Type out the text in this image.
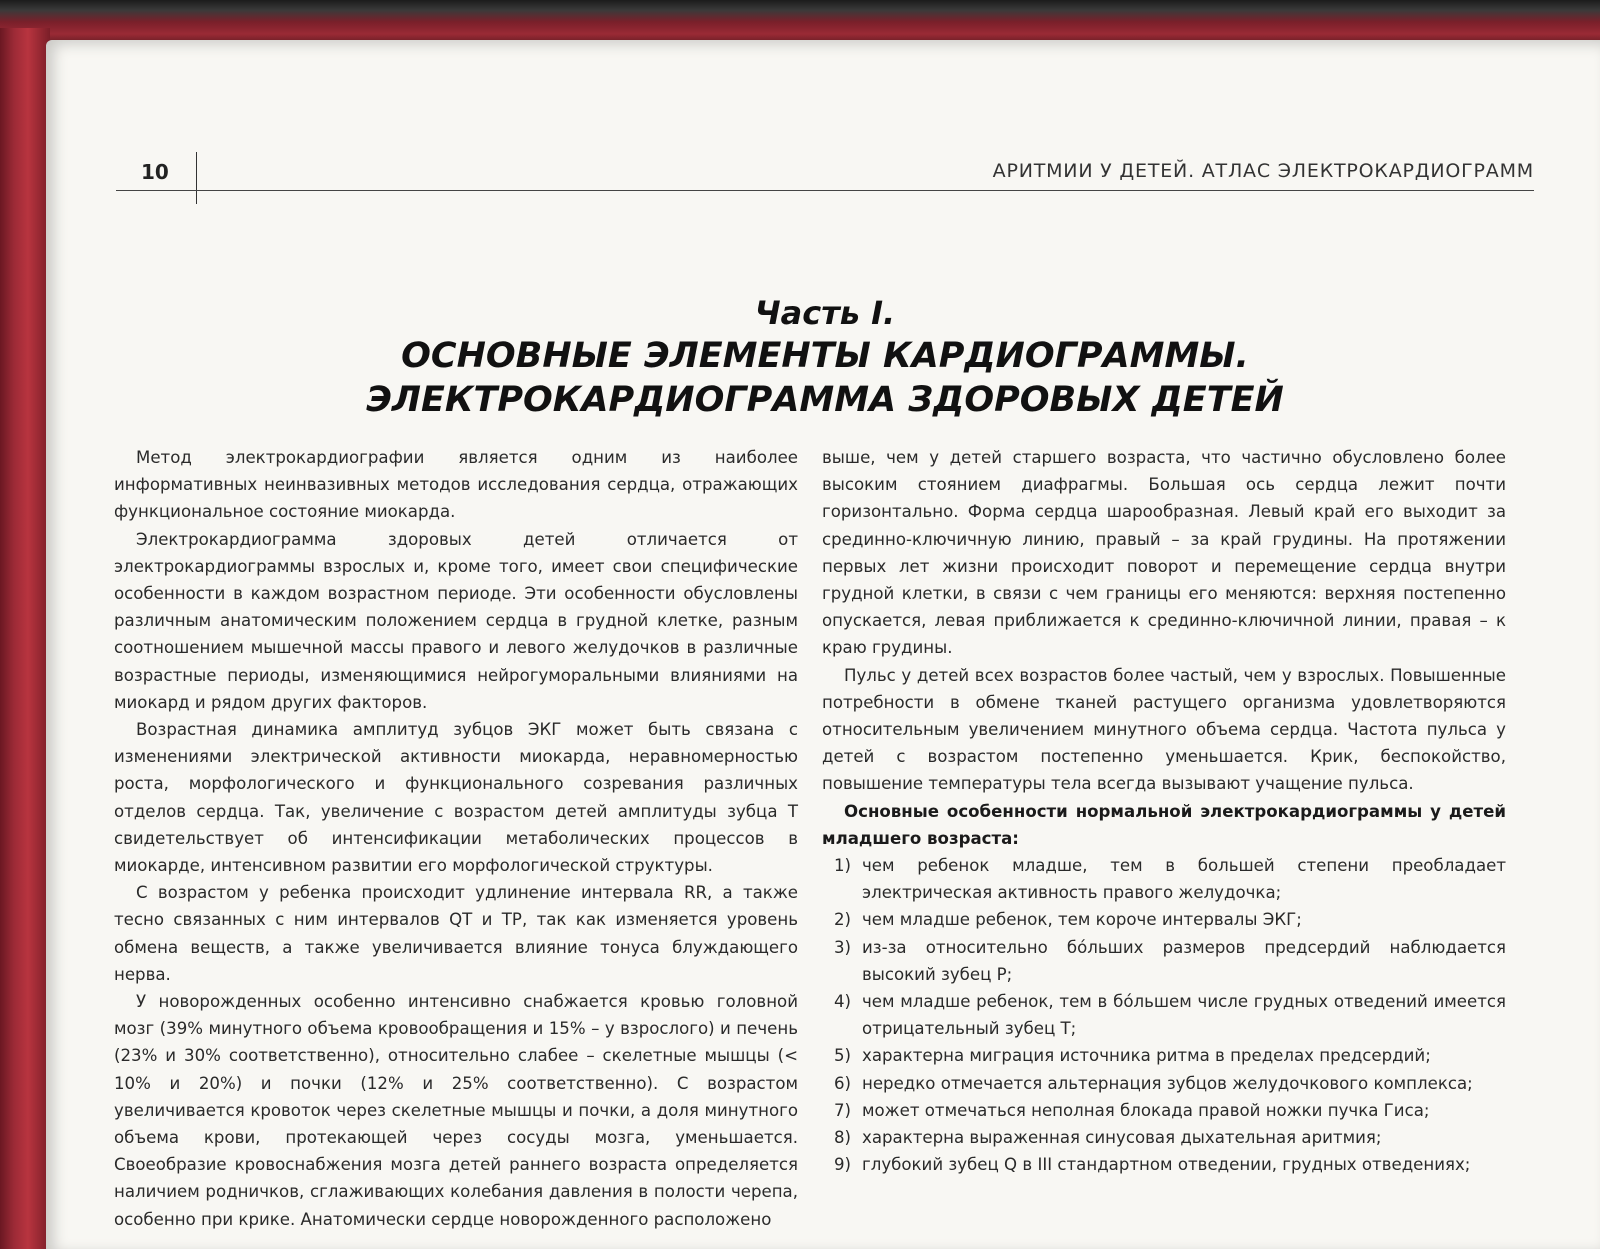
10	АРИТМИИ У ДЕТЕЙ. АТЛАС ЭЛЕКТРОКАРДИОГРАММ
Часть I.
ОСНОВНЫЕ ЭЛЕМЕНТЫ КАРДИОГРАММЫ.
ЭЛЕКТРОКАРДИОГРАММА ЗДОРОВЫХ ДЕТЕЙ

Метод электрокардиографии является одним из наиболее информативных неинвазивных методов исследования сердца, отражающих функциональное состояние миокарда.

Электрокардиограмма здоровых детей отличается от электрокардиограммы взрослых и, кроме того, имеет свои специфические особенности в каждом возрастном периоде. Эти особенности обусловлены различным анатомическим положением сердца в грудной клетке, разным соотношением мышечной массы правого и левого желудочков в различные возрастные периоды, изменяющимися нейрогуморальными влияниями на миокард и рядом других факторов.

Возрастная динамика амплитуд зубцов ЭКГ может быть связана с изменениями электрической активности миокарда, неравномерностью роста, морфологического и функционального созревания различных отделов сердца. Так, увеличение с возрастом детей амплитуды зубца T свидетельствует об интенсификации метаболических процессов в миокарде, интенсивном развитии его морфологической структуры.

С возрастом у ребенка происходит удлинение интервала RR, а также тесно связанных с ним интервалов QT и TP, так как изменяется уровень обмена веществ, а также увеличивается влияние тонуса блуждающего нерва.

У новорожденных особенно интенсивно снабжается кровью головной мозг (39% минутного объема кровообращения и 15% – у взрослого) и печень (23% и 30% соответственно), относительно слабее – скелетные мышцы (< 10% и 20%) и почки (12% и 25% соответственно). С возрастом увеличивается кровоток через скелетные мышцы и почки, а доля минутного объема крови, протекающей через сосуды мозга, уменьшается. Своеобразие кровоснабжения мозга детей раннего возраста определяется наличием родничков, сглаживающих колебания давления в полости черепа, особенно при крике. Анатомически сердце новорожденного расположено

выше, чем у детей старшего возраста, что частично обусловлено более высоким стоянием диафрагмы. Большая ось сердца лежит почти горизонтально. Форма сердца шарообразная. Левый край его выходит за срединно-ключичную линию, правый – за край грудины. На протяжении первых лет жизни происходит поворот и перемещение сердца внутри грудной клетки, в связи с чем границы его меняются: верхняя постепенно опускается, левая приближается к срединно-ключичной линии, правая – к краю грудины.

Пульс у детей всех возрастов более частый, чем у взрослых. Повышенные потребности в обмене тканей растущего организма удовлетворяются относительным увеличением минутного объема сердца. Частота пульса у детей с возрастом постепенно уменьшается. Крик, беспокойство, повышение температуры тела всегда вызывают учащение пульса.

Основные особенности нормальной электрокардиограммы у детей младшего возраста:

1) чем ребенок младше, тем в большей степени преобладает электрическая активность правого желудочка;
2) чем младше ребенок, тем короче интервалы ЭКГ;
3) из-за относительно бóльших размеров предсердий наблюдается высокий зубец P;
4) чем младше ребенок, тем в бóльшем числе грудных отведений имеется отрицательный зубец T;
5) характерна миграция источника ритма в пределах предсердий;
6) нередко отмечается альтернация зубцов желудочкового комплекса;
7) может отмечаться неполная блокада правой ножки пучка Гиса;
8) характерна выраженная синусовая дыхательная аритмия;
9) глубокий зубец Q в III стандартном отведении, грудных отведениях;
